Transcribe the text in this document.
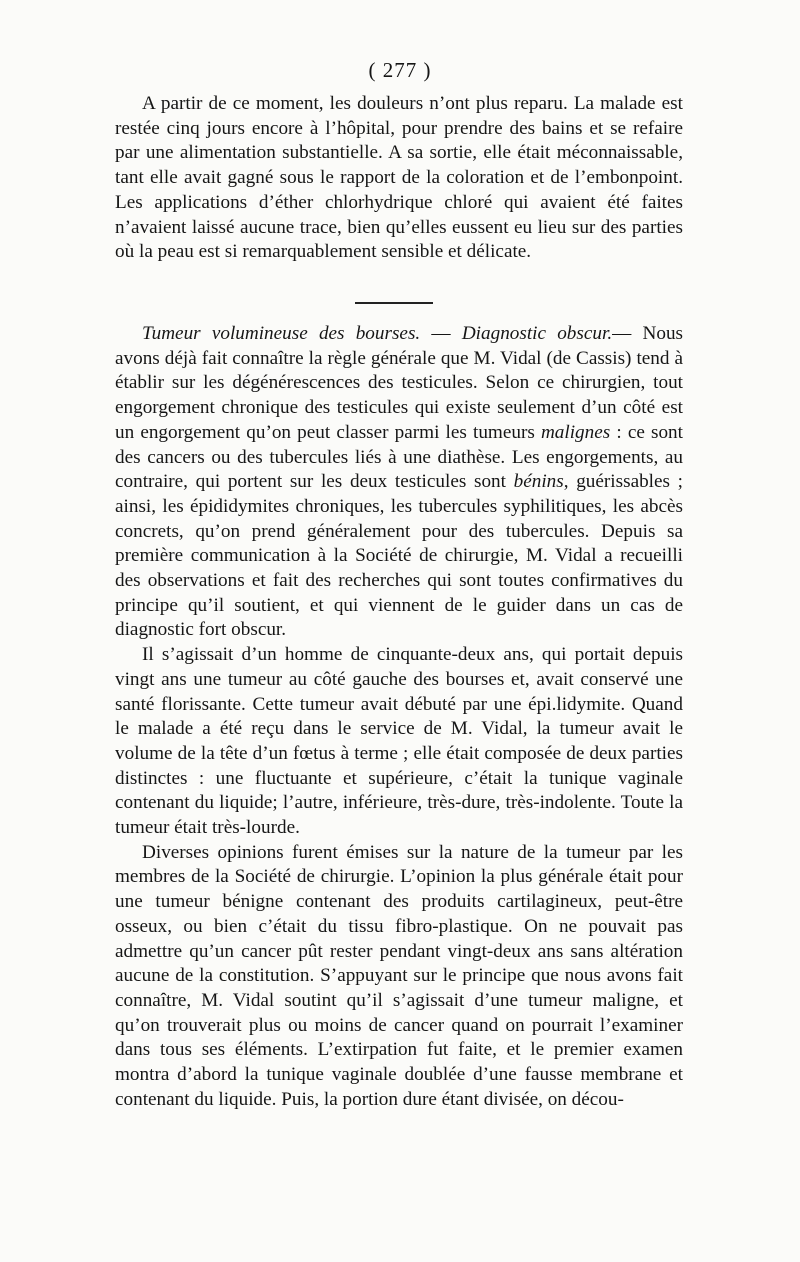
( 277 )

A partir de ce moment, les douleurs n’ont plus reparu. La malade est restée cinq jours encore à l’hôpital, pour prendre des bains et se refaire par une alimentation substantielle. A sa sortie, elle était méconnaissable, tant elle avait gagné sous le rapport de la coloration et de l’embonpoint. Les applications d’éther chlorhydrique chloré qui avaient été faites n’avaient laissé aucune trace, bien qu’elles eussent eu lieu sur des parties où la peau est si remarquablement sensible et délicate.

Tumeur volumineuse des bourses. — Diagnostic obscur.— Nous avons déjà fait connaître la règle générale que M. Vidal (de Cassis) tend à établir sur les dégénérescences des testicules. Selon ce chirurgien, tout engorgement chronique des testicules qui existe seulement d’un côté est un engorgement qu’on peut classer parmi les tumeurs malignes : ce sont des cancers ou des tubercules liés à une diathèse. Les engorgements, au contraire, qui portent sur les deux testicules sont bénins, guérissables ; ainsi, les épididymites chroniques, les tubercules syphilitiques, les abcès concrets, qu’on prend généralement pour des tubercules. Depuis sa première communication à la Société de chirurgie, M. Vidal a recueilli des observations et fait des recherches qui sont toutes confirmatives du principe qu’il soutient, et qui viennent de le guider dans un cas de diagnostic fort obscur.

Il s’agissait d’un homme de cinquante-deux ans, qui portait depuis vingt ans une tumeur au côté gauche des bourses et, avait conservé une santé florissante. Cette tumeur avait débuté par une épi.lidymite. Quand le malade a été reçu dans le service de M. Vidal, la tumeur avait le volume de la tête d’un fœtus à terme ; elle était composée de deux parties distinctes : une fluctuante et supérieure, c’était la tunique vaginale contenant du liquide; l’autre, inférieure, très-dure, très-indolente. Toute la tumeur était très-lourde.

Diverses opinions furent émises sur la nature de la tumeur par les membres de la Société de chirurgie. L’opinion la plus générale était pour une tumeur bénigne contenant des produits cartilagineux, peut-être osseux, ou bien c’était du tissu fibro-plastique. On ne pouvait pas admettre qu’un cancer pût rester pendant vingt-deux ans sans altération aucune de la constitution. S’appuyant sur le principe que nous avons fait connaître, M. Vidal soutint qu’il s’agissait d’une tumeur maligne, et qu’on trouverait plus ou moins de cancer quand on pourrait l’examiner dans tous ses éléments. L’extirpation fut faite, et le premier examen montra d’abord la tunique vaginale doublée d’une fausse membrane et contenant du liquide. Puis, la portion dure étant divisée, on décou-
